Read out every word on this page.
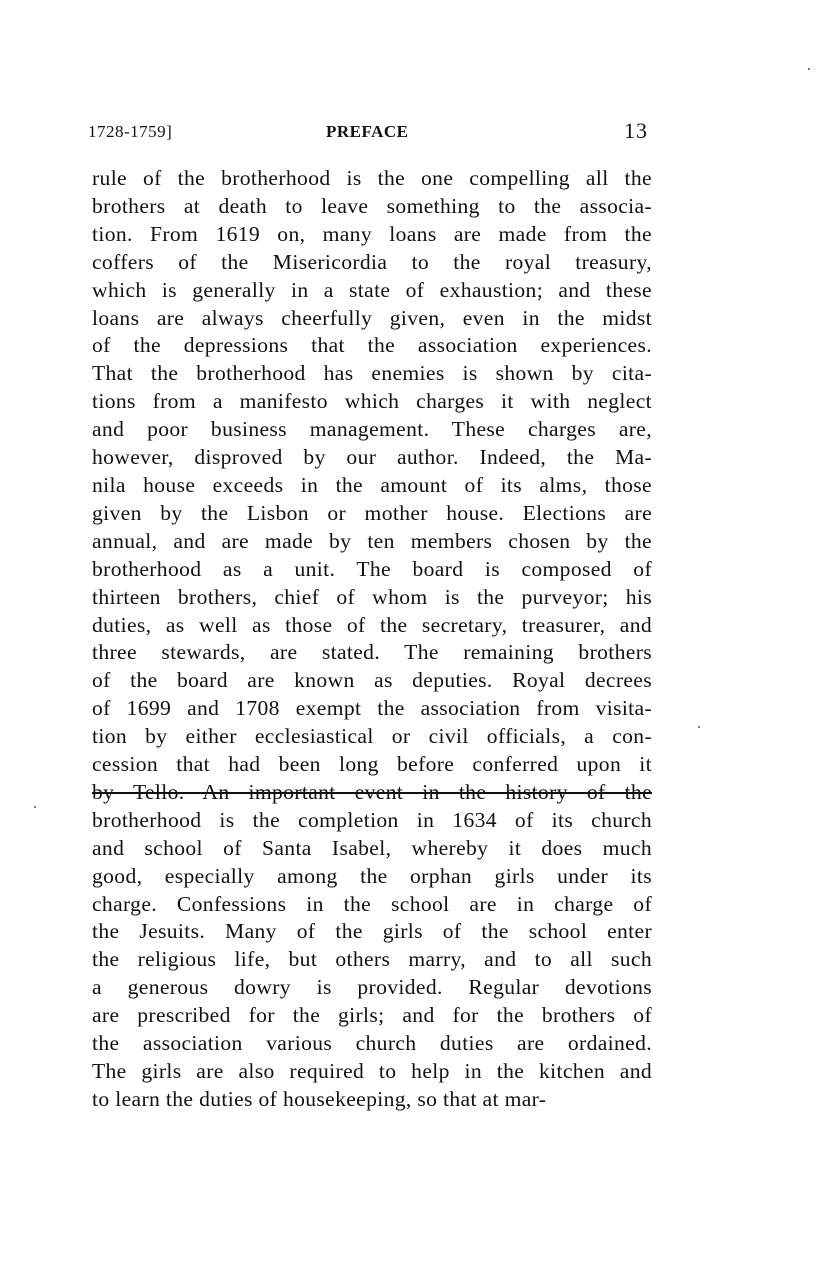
1728-1759]	PREFACE	13
rule of the brotherhood is the one compelling all the
brothers at death to leave something to the associa-
tion. From 1619 on, many loans are made from the
coffers of the Misericordia to the royal treasury,
which is generally in a state of exhaustion; and these
loans are always cheerfully given, even in the midst
of the depressions that the association experiences.
That the brotherhood has enemies is shown by cita-
tions from a manifesto which charges it with neglect
and poor business management. These charges are,
however, disproved by our author. Indeed, the Ma-
nila house exceeds in the amount of its alms, those
given by the Lisbon or mother house. Elections are
annual, and are made by ten members chosen by the
brotherhood as a unit. The board is composed of
thirteen brothers, chief of whom is the purveyor; his
duties, as well as those of the secretary, treasurer, and
three stewards, are stated. The remaining brothers
of the board are known as deputies. Royal decrees
of 1699 and 1708 exempt the association from visita-
tion by either ecclesiastical or civil officials, a con-
cession that had been long before conferred upon it
by Tello. An important event in the history of the
brotherhood is the completion in 1634 of its church
and school of Santa Isabel, whereby it does much
good, especially among the orphan girls under its
charge. Confessions in the school are in charge of
the Jesuits. Many of the girls of the school enter
the religious life, but others marry, and to all such
a generous dowry is provided. Regular devotions
are prescribed for the girls; and for the brothers of
the association various church duties are ordained.
The girls are also required to help in the kitchen and
to learn the duties of housekeeping, so that at mar-
